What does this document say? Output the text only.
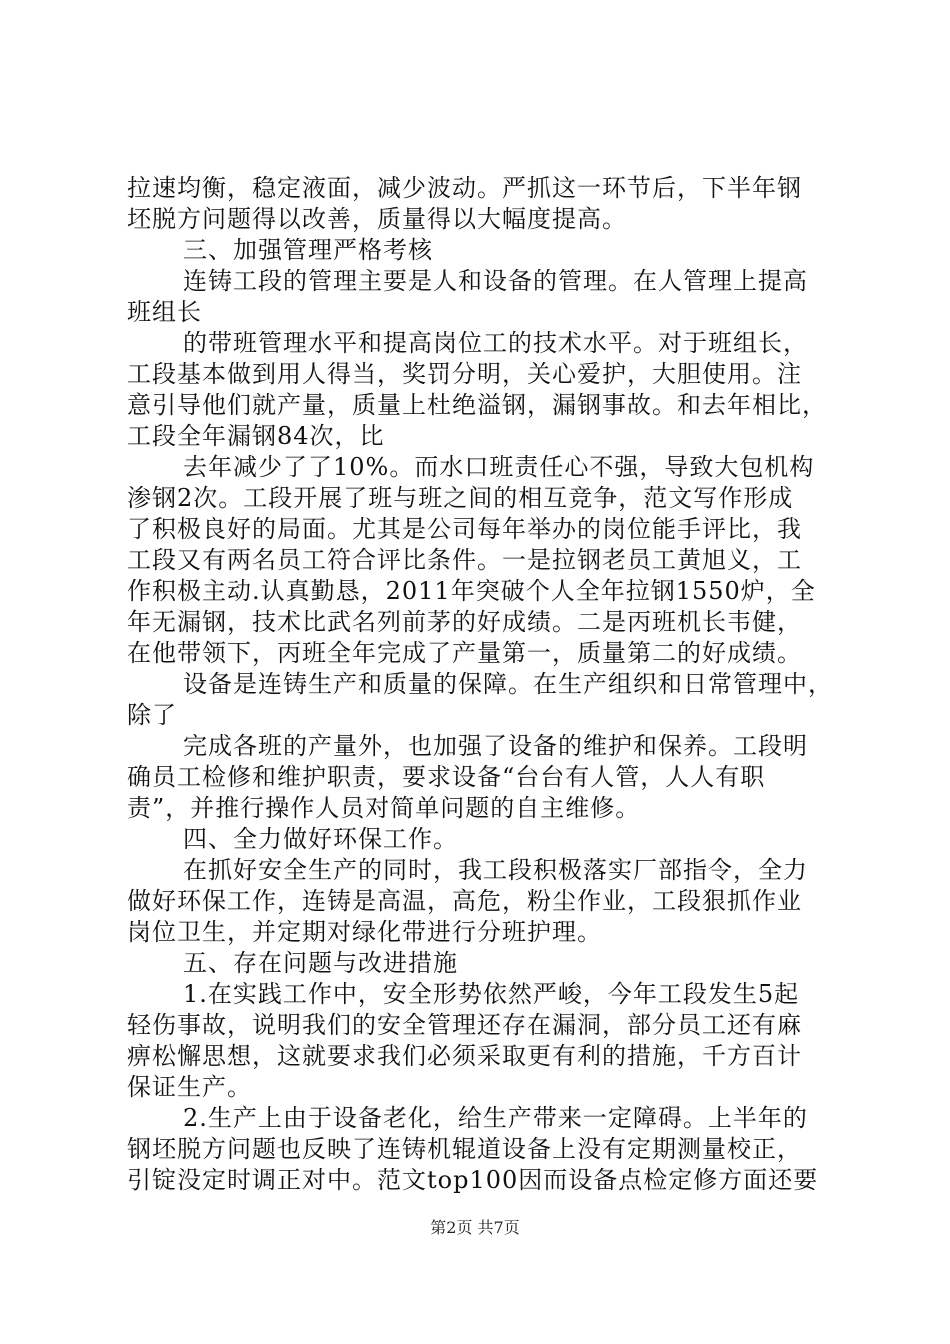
拉速均衡，稳定液面，减少波动。严抓这一环节后，下半年钢
坯脱方问题得以改善，质量得以大幅度提高。
三、加强管理严格考核
连铸工段的管理主要是人和设备的管理。在人管理上提高
班组长
的带班管理水平和提高岗位工的技术水平。对于班组长，
工段基本做到用人得当，奖罚分明，关心爱护，大胆使用。注
意引导他们就产量，质量上杜绝溢钢，漏钢事故。和去年相比，
工段全年漏钢84次，比
去年减少了了10%。而水口班责任心不强，导致大包机构
渗钢2次。工段开展了班与班之间的相互竞争，范文写作形成
了积极良好的局面。尤其是公司每年举办的岗位能手评比，我
工段又有两名员工符合评比条件。一是拉钢老员工黄旭义，工
作积极主动.认真勤恳，2011年突破个人全年拉钢1550炉，全
年无漏钢，技术比武名列前茅的好成绩。二是丙班机长韦健，
在他带领下，丙班全年完成了产量第一，质量第二的好成绩。
设备是连铸生产和质量的保障。在生产组织和日常管理中，
除了
完成各班的产量外，也加强了设备的维护和保养。工段明
确员工检修和维护职责，要求设备“台台有人管，人人有职
责”，并推行操作人员对简单问题的自主维修。
四、全力做好环保工作。
在抓好安全生产的同时，我工段积极落实厂部指令，全力
做好环保工作，连铸是高温，高危，粉尘作业，工段狠抓作业
岗位卫生，并定期对绿化带进行分班护理。
五、存在问题与改进措施
1.在实践工作中，安全形势依然严峻，今年工段发生5起
轻伤事故，说明我们的安全管理还存在漏洞，部分员工还有麻
痹松懈思想，这就要求我们必须采取更有利的措施，千方百计
保证生产。
2.生产上由于设备老化，给生产带来一定障碍。上半年的
钢坯脱方问题也反映了连铸机辊道设备上没有定期测量校正，
引锭没定时调正对中。范文top100因而设备点检定修方面还要
第2页 共7页
